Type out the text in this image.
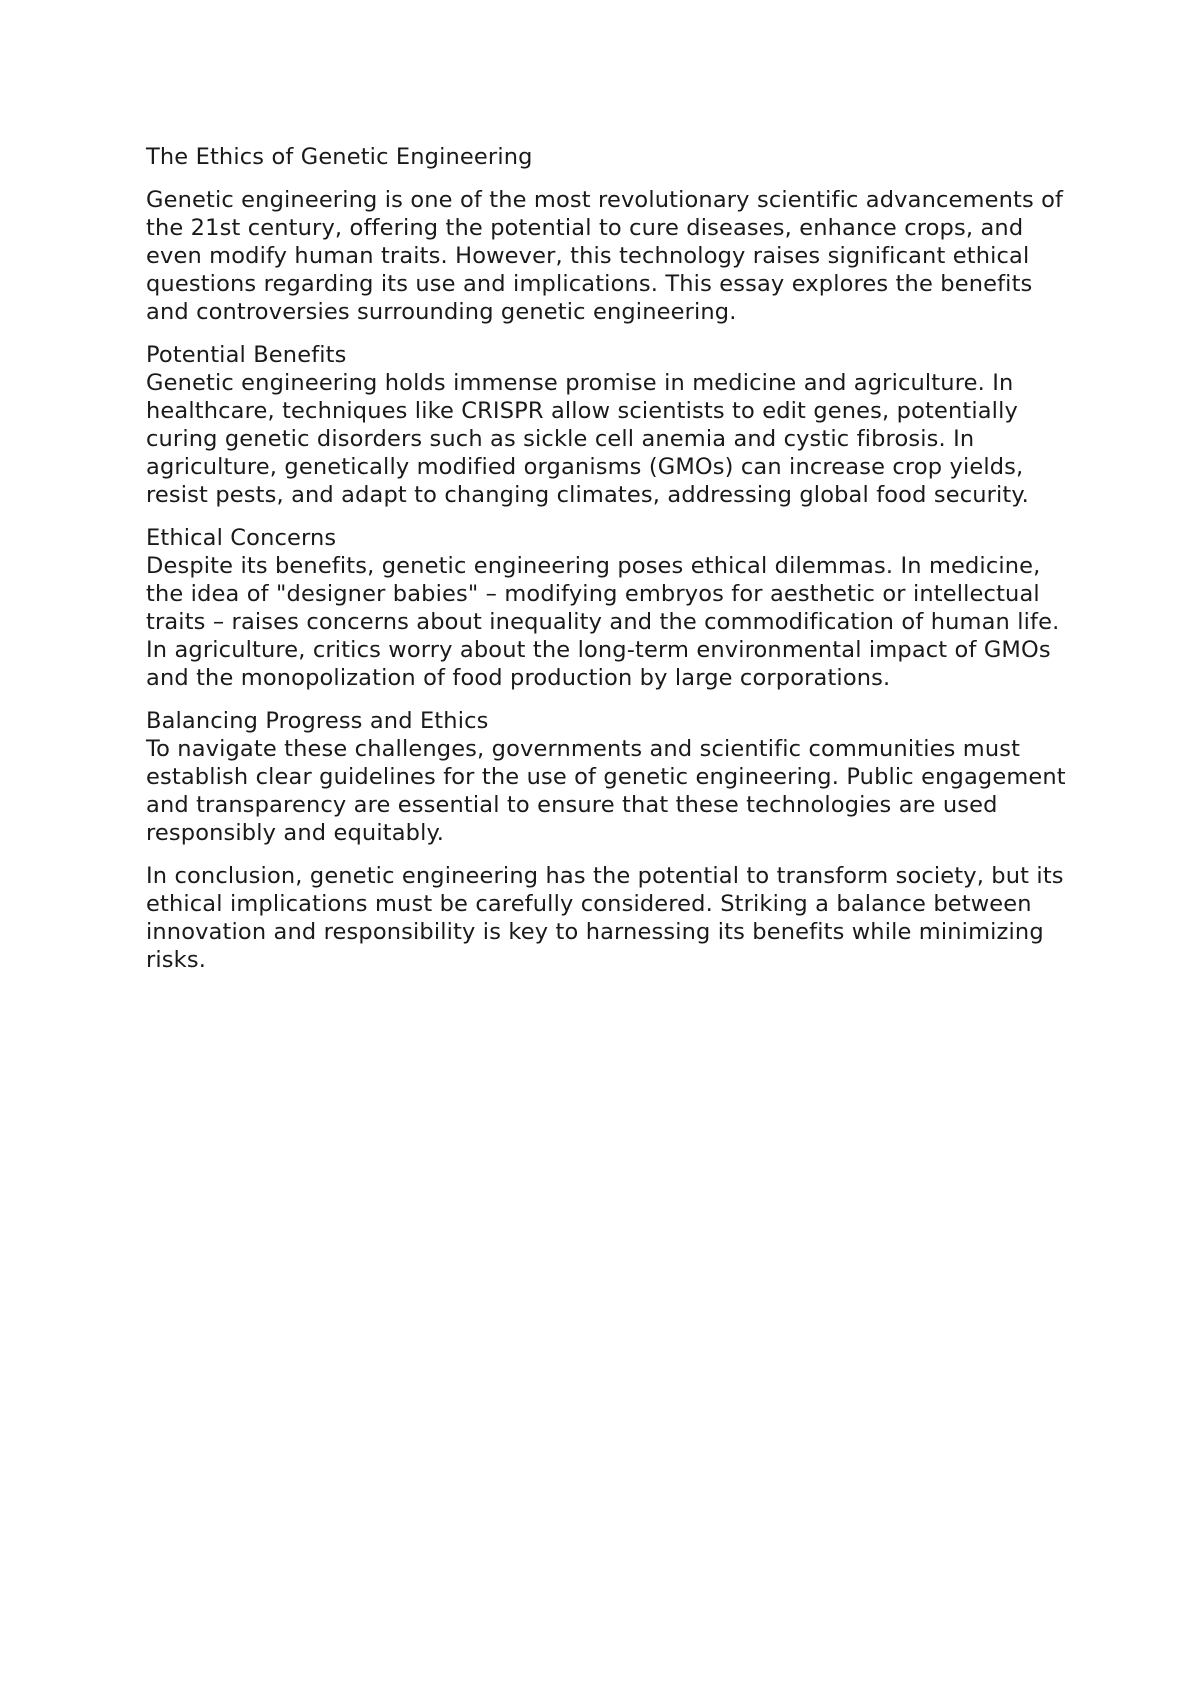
The Ethics of Genetic Engineering

Genetic engineering is one of the most revolutionary scientific advancements of the 21st century, offering the potential to cure diseases, enhance crops, and even modify human traits. However, this technology raises significant ethical questions regarding its use and implications. This essay explores the benefits and controversies surrounding genetic engineering.

Potential Benefits

Genetic engineering holds immense promise in medicine and agriculture. In healthcare, techniques like CRISPR allow scientists to edit genes, potentially curing genetic disorders such as sickle cell anemia and cystic fibrosis. In agriculture, genetically modified organisms (GMOs) can increase crop yields, resist pests, and adapt to changing climates, addressing global food security.

Ethical Concerns

Despite its benefits, genetic engineering poses ethical dilemmas. In medicine, the idea of "designer babies" – modifying embryos for aesthetic or intellectual traits – raises concerns about inequality and the commodification of human life. In agriculture, critics worry about the long-term environmental impact of GMOs and the monopolization of food production by large corporations.

Balancing Progress and Ethics

To navigate these challenges, governments and scientific communities must establish clear guidelines for the use of genetic engineering. Public engagement and transparency are essential to ensure that these technologies are used responsibly and equitably.

In conclusion, genetic engineering has the potential to transform society, but its ethical implications must be carefully considered. Striking a balance between innovation and responsibility is key to harnessing its benefits while minimizing risks.
